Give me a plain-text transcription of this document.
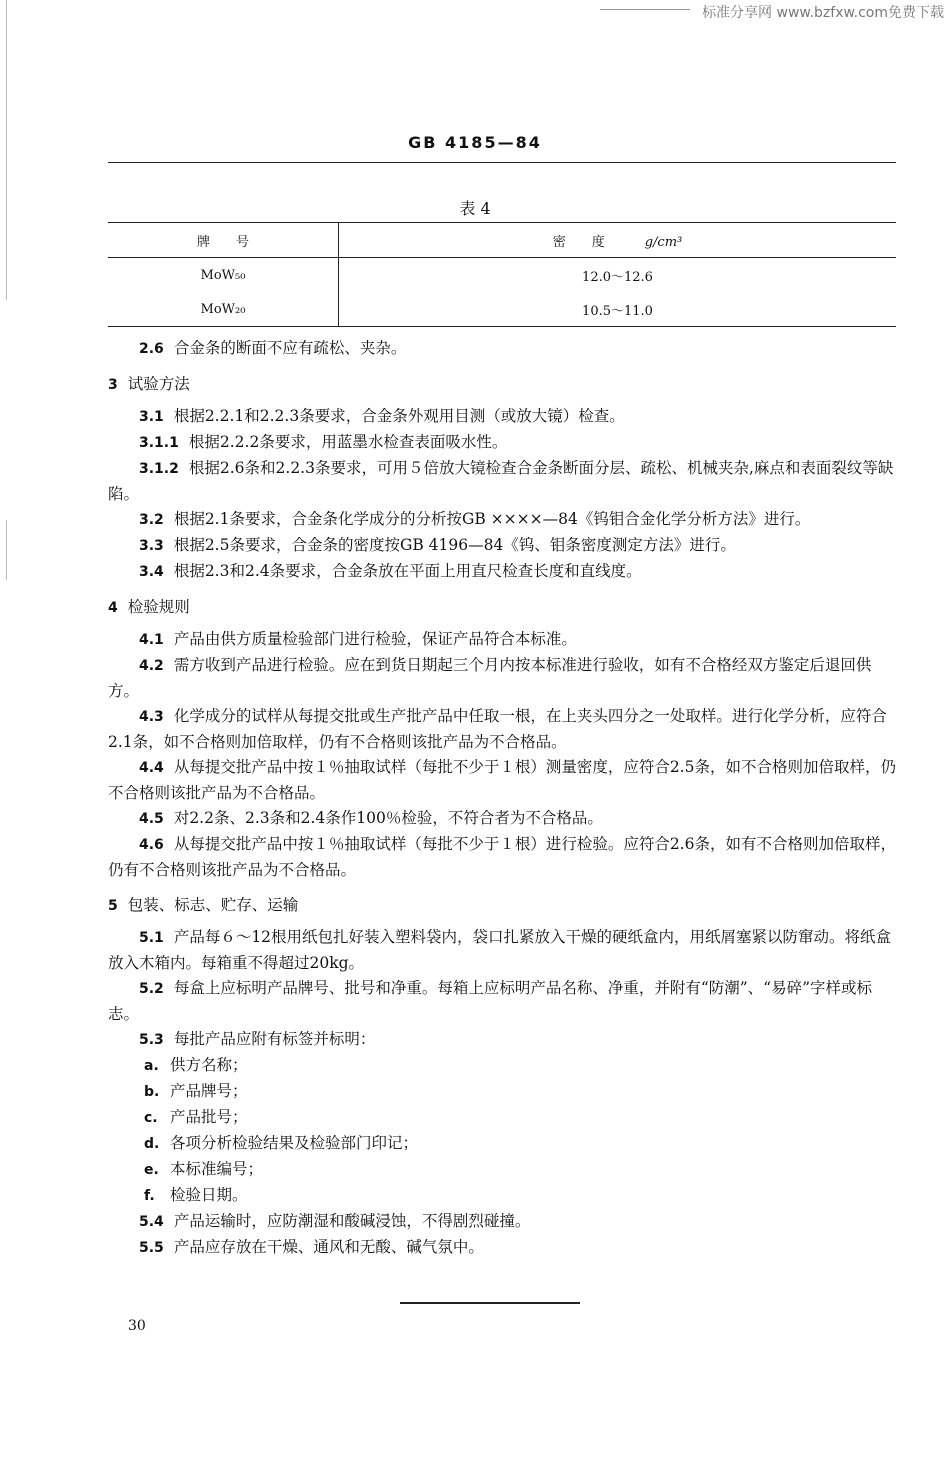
标准分享网 www.bzfxw.com免费下载
GB 4185—84
表 4
牌　　号	密　　度 g/cm³
MoW₅₀	12.0～12.6
MoW₂₀	10.5～11.0

2.6 合金条的断面不应有疏松、夹杂。

3 试验方法

3.1 根据2.2.1和2.2.3条要求，合金条外观用目测（或放大镜）检查。

3.1.1 根据2.2.2条要求，用蓝墨水检查表面吸水性。

3.1.2 根据2.6条和2.2.3条要求，可用５倍放大镜检查合金条断面分层、疏松、机械夹杂,麻点和表面裂纹等缺陷。

3.2 根据2.1条要求，合金条化学成分的分析按GB ××××—84《钨钼合金化学分析方法》进行。

3.3 根据2.5条要求，合金条的密度按GB 4196—84《钨、钼条密度测定方法》进行。

3.4 根据2.3和2.4条要求，合金条放在平面上用直尺检查长度和直线度。

4 检验规则

4.1 产品由供方质量检验部门进行检验，保证产品符合本标准。

4.2 需方收到产品进行检验。应在到货日期起三个月内按本标准进行验收，如有不合格经双方鉴定后退回供方。

4.3 化学成分的试样从每提交批或生产批产品中任取一根，在上夹头四分之一处取样。进行化学分析，应符合2.1条，如不合格则加倍取样，仍有不合格则该批产品为不合格品。

4.4 从每提交批产品中按１％抽取试样（每批不少于１根）测量密度，应符合2.5条，如不合格则加倍取样，仍不合格则该批产品为不合格品。

4.5 对2.2条、2.3条和2.4条作100％检验，不符合者为不合格品。

4.6 从每提交批产品中按１％抽取试样（每批不少于１根）进行检验。应符合2.6条，如有不合格则加倍取样，仍有不合格则该批产品为不合格品。

5 包装、标志、贮存、运输

5.1 产品每６～12根用纸包扎好装入塑料袋内，袋口扎紧放入干燥的硬纸盒内，用纸屑塞紧以防窜动。将纸盒放入木箱内。每箱重不得超过20kg。

5.2 每盒上应标明产品牌号、批号和净重。每箱上应标明产品名称、净重，并附有“防潮”、“易碎”字样或标志。

5.3 每批产品应附有标签并标明：

a. 供方名称；

b. 产品牌号；

c. 产品批号；

d. 各项分析检验结果及检验部门印记；

e. 本标准编号；

f. 检验日期。

5.4 产品运输时，应防潮湿和酸碱浸蚀，不得剧烈碰撞。

5.5 产品应存放在干燥、通风和无酸、碱气氛中。

30
